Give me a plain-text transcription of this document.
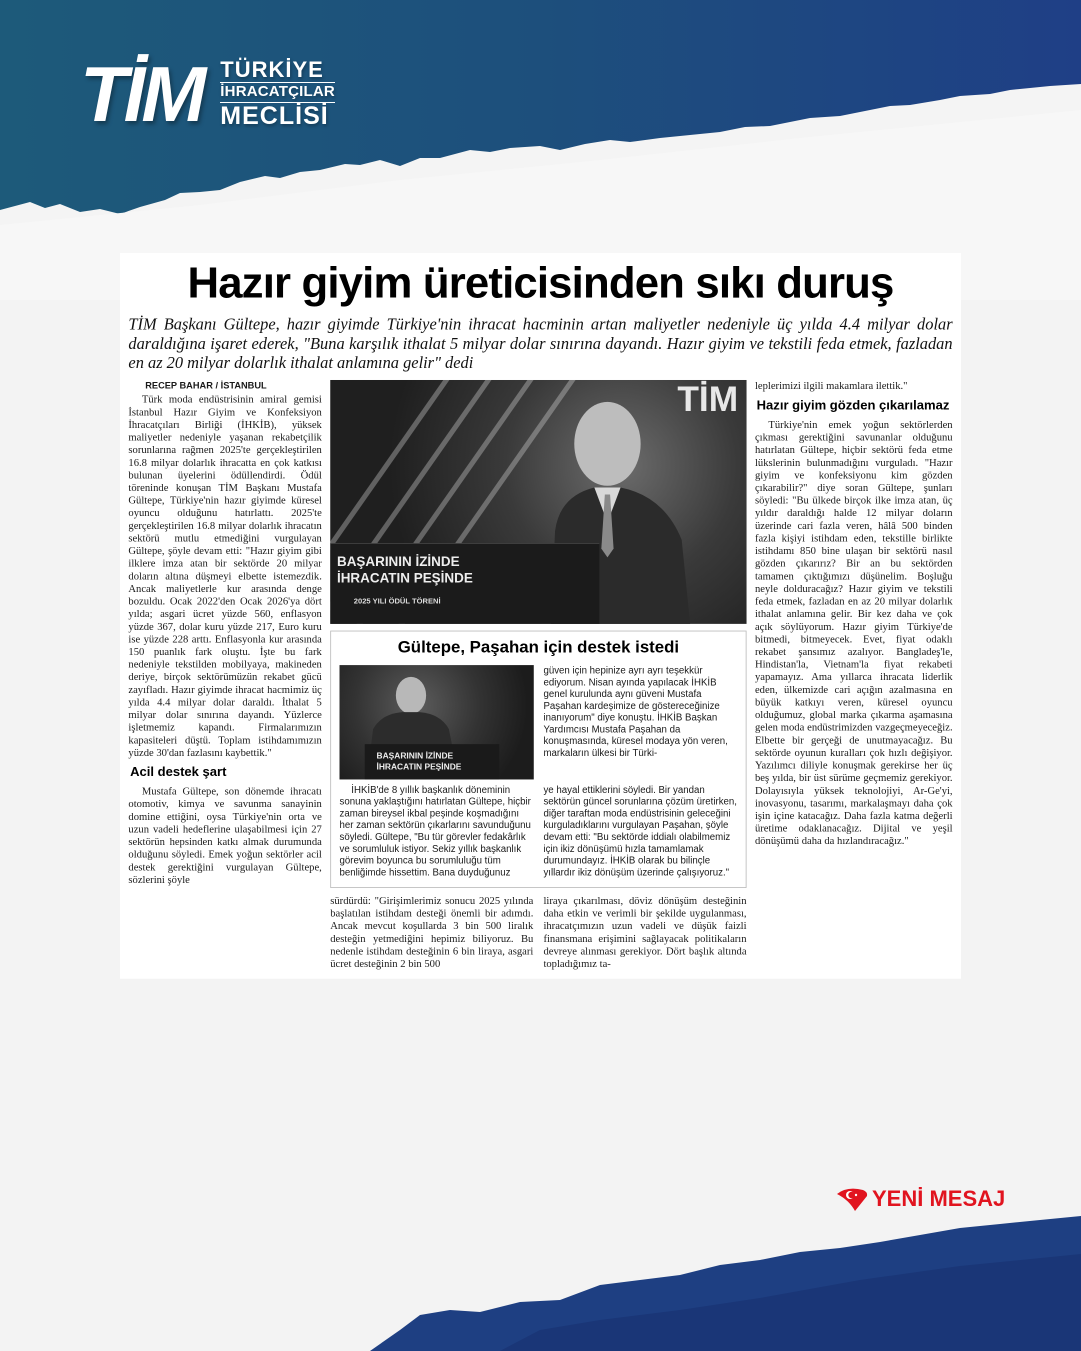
TİM TÜRKİYE
İHRACATÇILAR
MECLİSİ
Hazır giyim üreticisinden sıkı duruş

TİM Başkanı Gültepe, hazır giyimde Türkiye'nin ihracat hacminin artan maliyetler nedeniyle üç yılda 4.4 milyar dolar daraldığına işaret ederek, "Buna karşılık ithalat 5 milyar dolar sınırına dayandı. Hazır giyim ve tekstili feda etmek, fazladan en az 20 milyar dolarlık ithalat anlamına gelir" dedi

RECEP BAHAR / İSTANBUL

Türk moda endüstrisinin amiral gemisi İstanbul Hazır Giyim ve Konfeksiyon İhracatçıları Birliği (İHKİB), yüksek maliyetler nedeniyle yaşanan rekabetçilik sorunlarına rağmen 2025'te gerçekleştirilen 16.8 milyar dolarlık ihracatta en çok katkısı bulunan üyelerini ödüllendirdi. Ödül töreninde konuşan TİM Başkanı Mustafa Gültepe, Türkiye'nin hazır giyimde küresel oyuncu olduğunu hatırlattı. 2025'te gerçekleştirilen 16.8 milyar dolarlık ihracatın sektörü mutlu etmediğini vurgulayan Gültepe, şöyle devam etti: "Hazır giyim gibi ilklere imza atan bir sektörde 20 milyar doların altına düşmeyi elbette istemezdik. Ancak maliyetlerle kur arasında denge bozuldu. Ocak 2022'den Ocak 2026'ya dört yılda; asgari ücret yüzde 560, enflasyon yüzde 367, dolar kuru yüzde 217, Euro kuru ise yüzde 228 arttı. Enflasyonla kur arasında 150 puanlık fark oluştu. İşte bu fark nedeniyle tekstilden mobilyaya, makineden deriye, birçok sektörümüzün rekabet gücü zayıfladı. Hazır giyimde ihracat hacmimiz üç yılda 4.4 milyar dolar daraldı. İthalat 5 milyar dolar sınırına dayandı. Yüzlerce işletmemiz kapandı. Firmalarımızın kapasiteleri düştü. Toplam istihdamımızın yüzde 30'dan fazlasını kaybettik."

Acil destek şart

Mustafa Gültepe, son dönemde ihracatı otomotiv, kimya ve savunma sanayinin domine ettiğini, oysa Türkiye'nin orta ve uzun vadeli hedeflerine ulaşabilmesi için 27 sektörün hepsinden katkı almak durumunda olduğunu söyledi. Emek yoğun sektörler acil destek gerektiğini vurgulayan Gültepe, sözlerini şöyle

TİM
BAŞARININ İZİNDE
İHRACATIN PEŞİNDE
2025 YILI ÖDÜL TÖRENİ
Gültepe, Paşahan için destek istedi
BAŞARININ İZİNDE
İHRACATIN PEŞİNDE
güven için hepinize ayrı ayrı teşekkür ediyorum. Nisan ayında yapılacak İHKİB genel kurulunda aynı güveni Mustafa Paşahan kardeşimize de göstereceğinize inanıyorum" diye konuştu. İHKİB Başkan Yardımcısı Mustafa Paşahan da konuşmasında, küresel modaya yön veren, markaların ülkesi bir Türki-

İHKİB'de 8 yıllık başkanlık döneminin sonuna yaklaştığını hatırlatan Gültepe, hiçbir zaman bireysel ikbal peşinde koşmadığını her zaman sektörün çıkarlarını savunduğunu söyledi. Gültepe, "Bu tür görevler fedakârlık ve sorumluluk istiyor. Sekiz yıllık başkanlık görevim boyunca bu sorumluluğu tüm benliğimde hissettim. Bana duyduğunuz

ye hayal ettiklerini söyledi. Bir yandan sektörün güncel sorunlarına çözüm üretirken, diğer taraftan moda endüstrisinin geleceğini kurguladıklarını vurgulayan Paşahan, şöyle devam etti: "Bu sektörde iddialı olabilmemiz için ikiz dönüşümü hızla tamamlamak durumundayız. İHKİB olarak bu bilinçle yıllardır ikiz dönüşüm üzerinde çalışıyoruz."

sürdürdü: "Girişimlerimiz sonucu 2025 yılında başlatılan istihdam desteği önemli bir adımdı. Ancak mevcut koşullarda 3 bin 500 liralık desteğin yetmediğini hepimiz biliyoruz. Bu nedenle istihdam desteğinin 6 bin liraya, asgari ücret desteğinin 2 bin 500

liraya çıkarılması, döviz dönüşüm desteğinin daha etkin ve verimli bir şekilde uygulanması, ihracatçımızın uzun vadeli ve düşük faizli finansmana erişimini sağlayacak politikaların devreye alınması gerekiyor. Dört başlık altında topladığımız ta-

leplerimizi ilgili makamlara ilettik."

Hazır giyim gözden çıkarılamaz

Türkiye'nin emek yoğun sektörlerden çıkması gerektiğini savunanlar olduğunu hatırlatan Gültepe, hiçbir sektörü feda etme lükslerinin bulunmadığını vurguladı. "Hazır giyim ve konfeksiyonu kim gözden çıkarabilir?" diye soran Gültepe, şunları söyledi: "Bu ülkede birçok ilke imza atan, üç yıldır daraldığı halde 12 milyar doların üzerinde cari fazla veren, hâlâ 500 binden fazla kişiyi istihdam eden, tekstille birlikte istihdamı 850 bine ulaşan bir sektörü nasıl gözden çıkarırız? Bir an bu sektörden tamamen çıktığımızı düşünelim. Boşluğu neyle dolduracağız? Hazır giyim ve tekstili feda etmek, fazladan en az 20 milyar dolarlık ithalat anlamına gelir. Bir kez daha ve çok açık söylüyorum. Hazır giyim Türkiye'de bitmedi, bitmeyecek. Evet, fiyat odaklı rekabet şansımız azalıyor. Bangladeş'le, Hindistan'la, Vietnam'la fiyat rekabeti yapamayız. Ama yıllarca ihracata liderlik eden, ülkemizde cari açığın azalmasına en büyük katkıyı veren, küresel oyuncu olduğumuz, global marka çıkarma aşamasına gelen moda endüstrimizden vazgeçmeyeceğiz. Elbette bir gerçeği de unutmayacağız. Bu sektörde oyunun kuralları çok hızlı değişiyor. Yazılımcı diliyle konuşmak gerekirse her üç beş yılda, bir üst sürüme geçmemiz gerekiyor. Dolayısıyla yüksek teknolojiyi, Ar-Ge'yi, inovasyonu, tasarımı, markalaşmayı daha çok işin içine katacağız. Daha fazla katma değerli üretime odaklanacağız. Dijital ve yeşil dönüşümü daha da hızlandıracağız."

YENİ MESAJ
